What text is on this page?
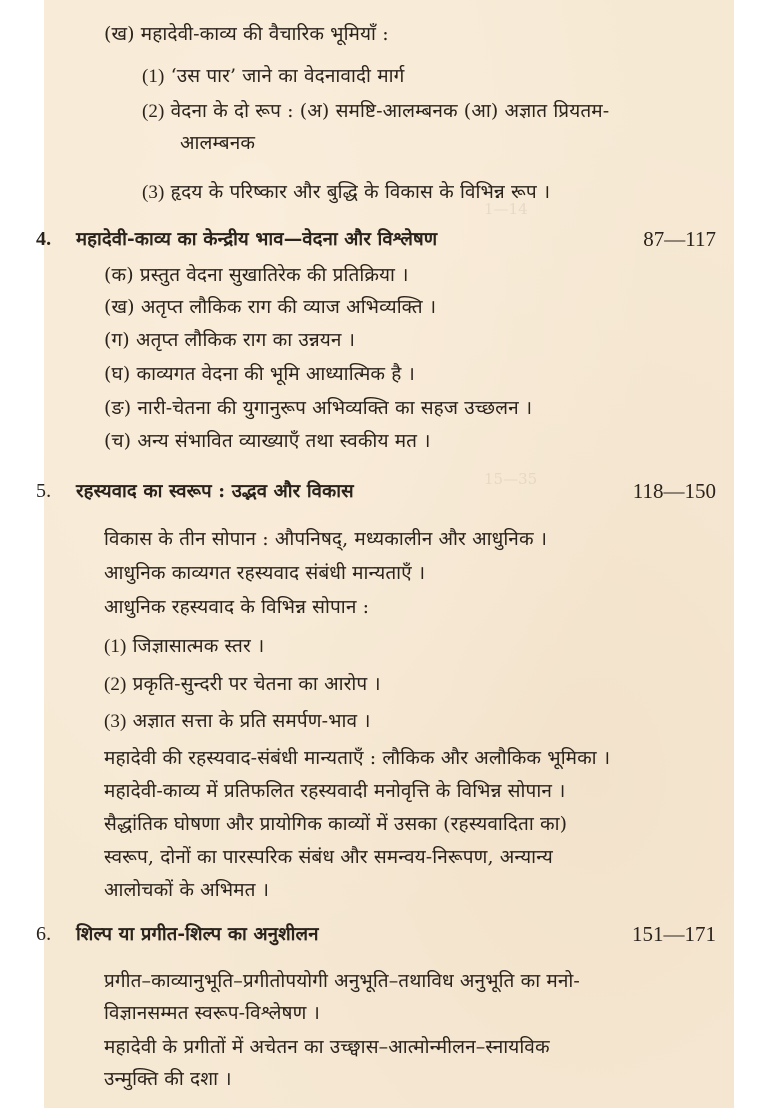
1—14
15—35
(ख) महादेवी-काव्य की वैचारिक भूमियाँ :
(1) ‘उस पार’ जाने का वेदनावादी मार्ग
(2) वेदना के दो रूप : (अ) समष्टि-आलम्बनक (आ) अज्ञात प्रियतम-
आलम्बनक
(3) हृदय के परिष्कार और बुद्धि के विकास के विभिन्न रूप ।
4. महादेवी-काव्य का केन्द्रीय भाव—वेदना और विश्लेषण	87—117
(क) प्रस्तुत वेदना सुखातिरेक की प्रतिक्रिया ।
(ख) अतृप्त लौकिक राग की व्याज अभिव्यक्ति ।
(ग) अतृप्त लौकिक राग का उन्नयन ।
(घ) काव्यगत वेदना की भूमि आध्यात्मिक है ।
(ङ) नारी-चेतना की युगानुरूप अभिव्यक्ति का सहज उच्छलन ।
(च) अन्य संभावित व्याख्याएँ तथा स्वकीय मत ।
5. रहस्यवाद का स्वरूप : उद्भव और विकास	118—150
विकास के तीन सोपान : औपनिषद्, मध्यकालीन और आधुनिक ।
आधुनिक काव्यगत रहस्यवाद संबंधी मान्यताएँ ।
आधुनिक रहस्यवाद के विभिन्न सोपान :
(1) जिज्ञासात्मक स्तर ।
(2) प्रकृति-सुन्दरी पर चेतना का आरोप ।
(3) अज्ञात सत्ता के प्रति समर्पण-भाव ।
महादेवी की रहस्यवाद-संबंधी मान्यताएँ : लौकिक और अलौकिक भूमिका ।
महादेवी-काव्य में प्रतिफलित रहस्यवादी मनोवृत्ति के विभिन्न सोपान ।
सैद्धांतिक घोषणा और प्रायोगिक काव्यों में उसका (रहस्यवादिता का)
स्वरूप, दोनों का पारस्परिक संबंध और समन्वय-निरूपण, अन्यान्य
आलोचकों के अभिमत ।
6. शिल्प या प्रगीत-शिल्प का अनुशीलन	151—171
प्रगीत–काव्यानुभूति–प्रगीतोपयोगी अनुभूति–तथाविध अनुभूति का मनो-
विज्ञानसम्मत स्वरूप-विश्लेषण ।
महादेवी के प्रगीतों में अचेतन का उच्छ्वास–आत्मोन्मीलन–स्नायविक
उन्मुक्ति की दशा ।
